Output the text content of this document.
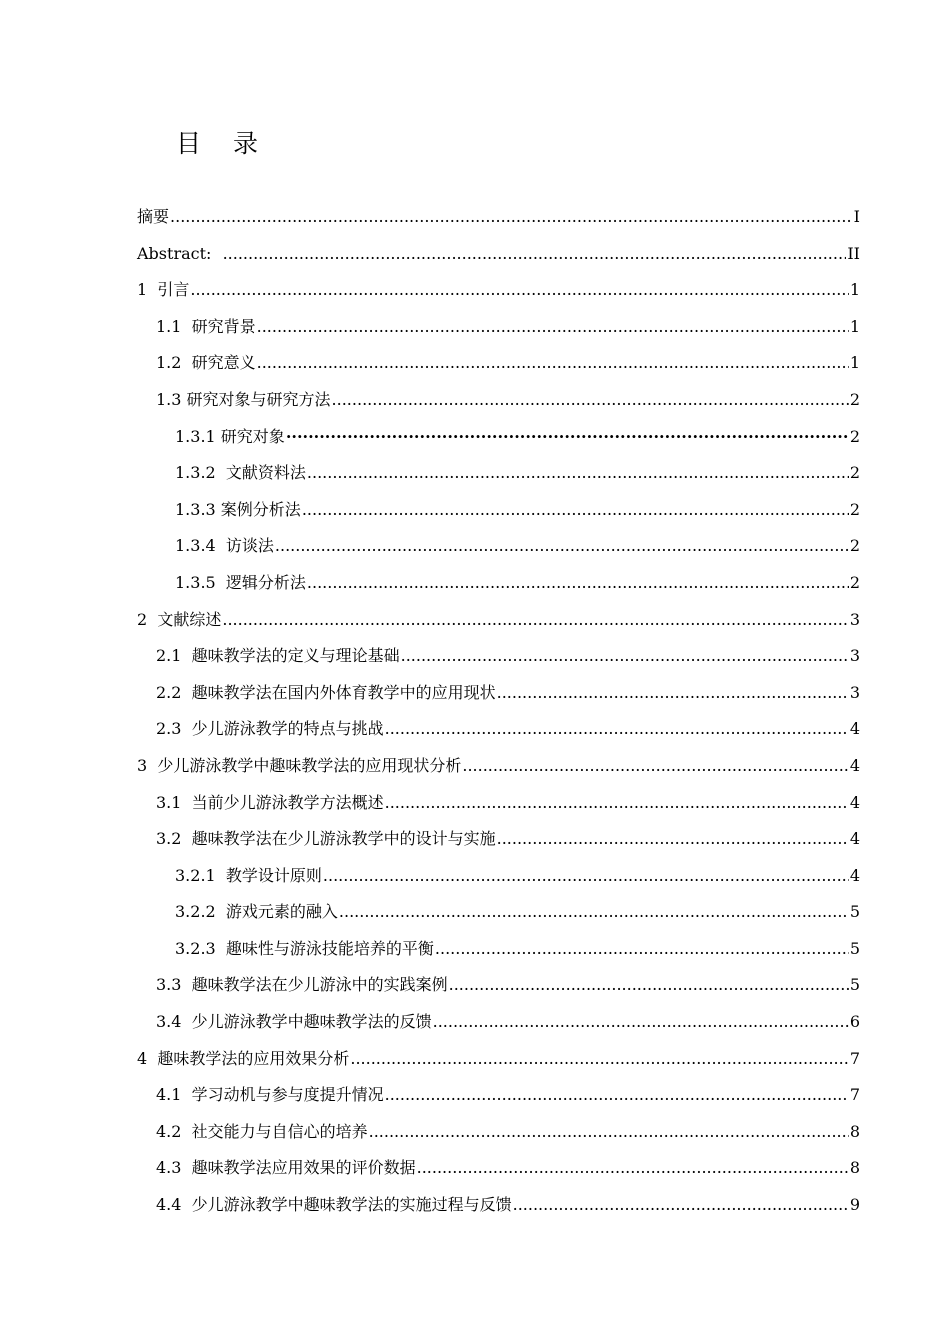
目 录
摘要 .....	I
Abstract: .....	II
1  引言 .....	1
1.1  研究背景 .....	1
1.2  研究意义 .....	1
1.3 研究对象与研究方法 .....	2
1.3.1 研究对象 ·····	2
1.3.2  文献资料法 .....	2
1.3.3 案例分析法 .....	2
1.3.4  访谈法 .....	2
1.3.5  逻辑分析法 .....	2
2  文献综述 .....	3
2.1  趣味教学法的定义与理论基础 .....	3
2.2  趣味教学法在国内外体育教学中的应用现状 .....	3
2.3  少儿游泳教学的特点与挑战 .....	4
3  少儿游泳教学中趣味教学法的应用现状分析 .....	4
3.1  当前少儿游泳教学方法概述 .....	4
3.2  趣味教学法在少儿游泳教学中的设计与实施 .....	4
3.2.1  教学设计原则 .....	4
3.2.2  游戏元素的融入 .....	5
3.2.3  趣味性与游泳技能培养的平衡 .....	5
3.3  趣味教学法在少儿游泳中的实践案例 .....	5
3.4  少儿游泳教学中趣味教学法的反馈 .....	6
4  趣味教学法的应用效果分析 .....	7
4.1  学习动机与参与度提升情况 .....	7
4.2  社交能力与自信心的培养 .....	8
4.3  趣味教学法应用效果的评价数据 .....	8
4.4  少儿游泳教学中趣味教学法的实施过程与反馈 .....	9
